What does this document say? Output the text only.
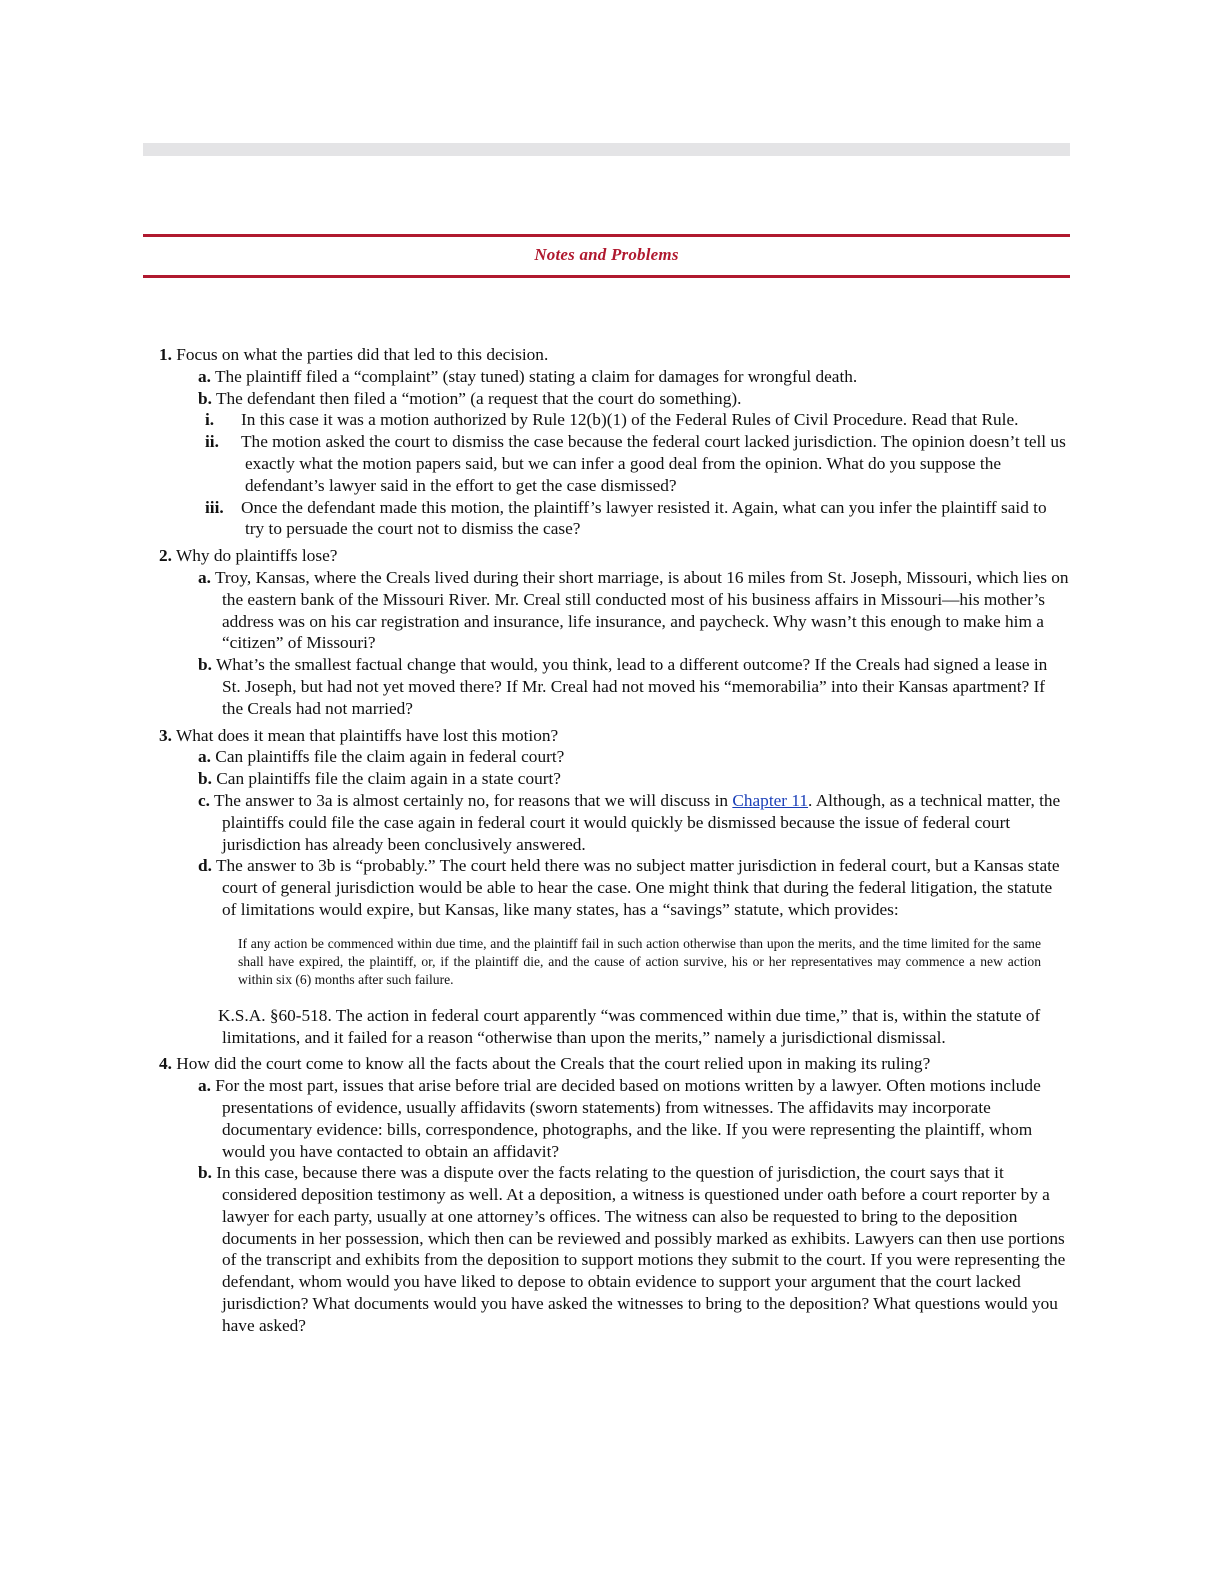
Notes and Problems
1. Focus on what the parties did that led to this decision.
a. The plaintiff filed a “complaint” (stay tuned) stating a claim for damages for wrongful death.
b. The defendant then filed a “motion” (a request that the court do something).
i. In this case it was a motion authorized by Rule 12(b)(1) of the Federal Rules of Civil Procedure. Read that Rule.
ii. The motion asked the court to dismiss the case because the federal court lacked jurisdiction. The opinion doesn’t tell us exactly what the motion papers said, but we can infer a good deal from the opinion. What do you suppose the defendant’s lawyer said in the effort to get the case dismissed?
iii. Once the defendant made this motion, the plaintiff’s lawyer resisted it. Again, what can you infer the plaintiff said to try to persuade the court not to dismiss the case?
2. Why do plaintiffs lose?
a. Troy, Kansas, where the Creals lived during their short marriage, is about 16 miles from St. Joseph, Missouri, which lies on the eastern bank of the Missouri River. Mr. Creal still conducted most of his business affairs in Missouri—his mother’s address was on his car registration and insurance, life insurance, and paycheck. Why wasn’t this enough to make him a “citizen” of Missouri?
b. What’s the smallest factual change that would, you think, lead to a different outcome? If the Creals had signed a lease in St. Joseph, but had not yet moved there? If Mr. Creal had not moved his “memorabilia” into their Kansas apartment? If the Creals had not married?
3. What does it mean that plaintiffs have lost this motion?
a. Can plaintiffs file the claim again in federal court?
b. Can plaintiffs file the claim again in a state court?
c. The answer to 3a is almost certainly no, for reasons that we will discuss in Chapter 11. Although, as a technical matter, the plaintiffs could file the case again in federal court it would quickly be dismissed because the issue of federal court jurisdiction has already been conclusively answered.
d. The answer to 3b is “probably.” The court held there was no subject matter jurisdiction in federal court, but a Kansas state court of general jurisdiction would be able to hear the case. One might think that during the federal litigation, the statute of limitations would expire, but Kansas, like many states, has a “savings” statute, which provides:
If any action be commenced within due time, and the plaintiff fail in such action otherwise than upon the merits, and the time limited for the same shall have expired, the plaintiff, or, if the plaintiff die, and the cause of action survive, his or her representatives may commence a new action within six (6) months after such failure.
K.S.A. §60-518. The action in federal court apparently “was commenced within due time,” that is, within the statute of limitations, and it failed for a reason “otherwise than upon the merits,” namely a jurisdictional dismissal.
4. How did the court come to know all the facts about the Creals that the court relied upon in making its ruling?
a. For the most part, issues that arise before trial are decided based on motions written by a lawyer. Often motions include presentations of evidence, usually affidavits (sworn statements) from witnesses. The affidavits may incorporate documentary evidence: bills, correspondence, photographs, and the like. If you were representing the plaintiff, whom would you have contacted to obtain an affidavit?
b. In this case, because there was a dispute over the facts relating to the question of jurisdiction, the court says that it considered deposition testimony as well. At a deposition, a witness is questioned under oath before a court reporter by a lawyer for each party, usually at one attorney’s offices. The witness can also be requested to bring to the deposition documents in her possession, which then can be reviewed and possibly marked as exhibits. Lawyers can then use portions of the transcript and exhibits from the deposition to support motions they submit to the court. If you were representing the defendant, whom would you have liked to depose to obtain evidence to support your argument that the court lacked jurisdiction? What documents would you have asked the witnesses to bring to the deposition? What questions would you have asked?
